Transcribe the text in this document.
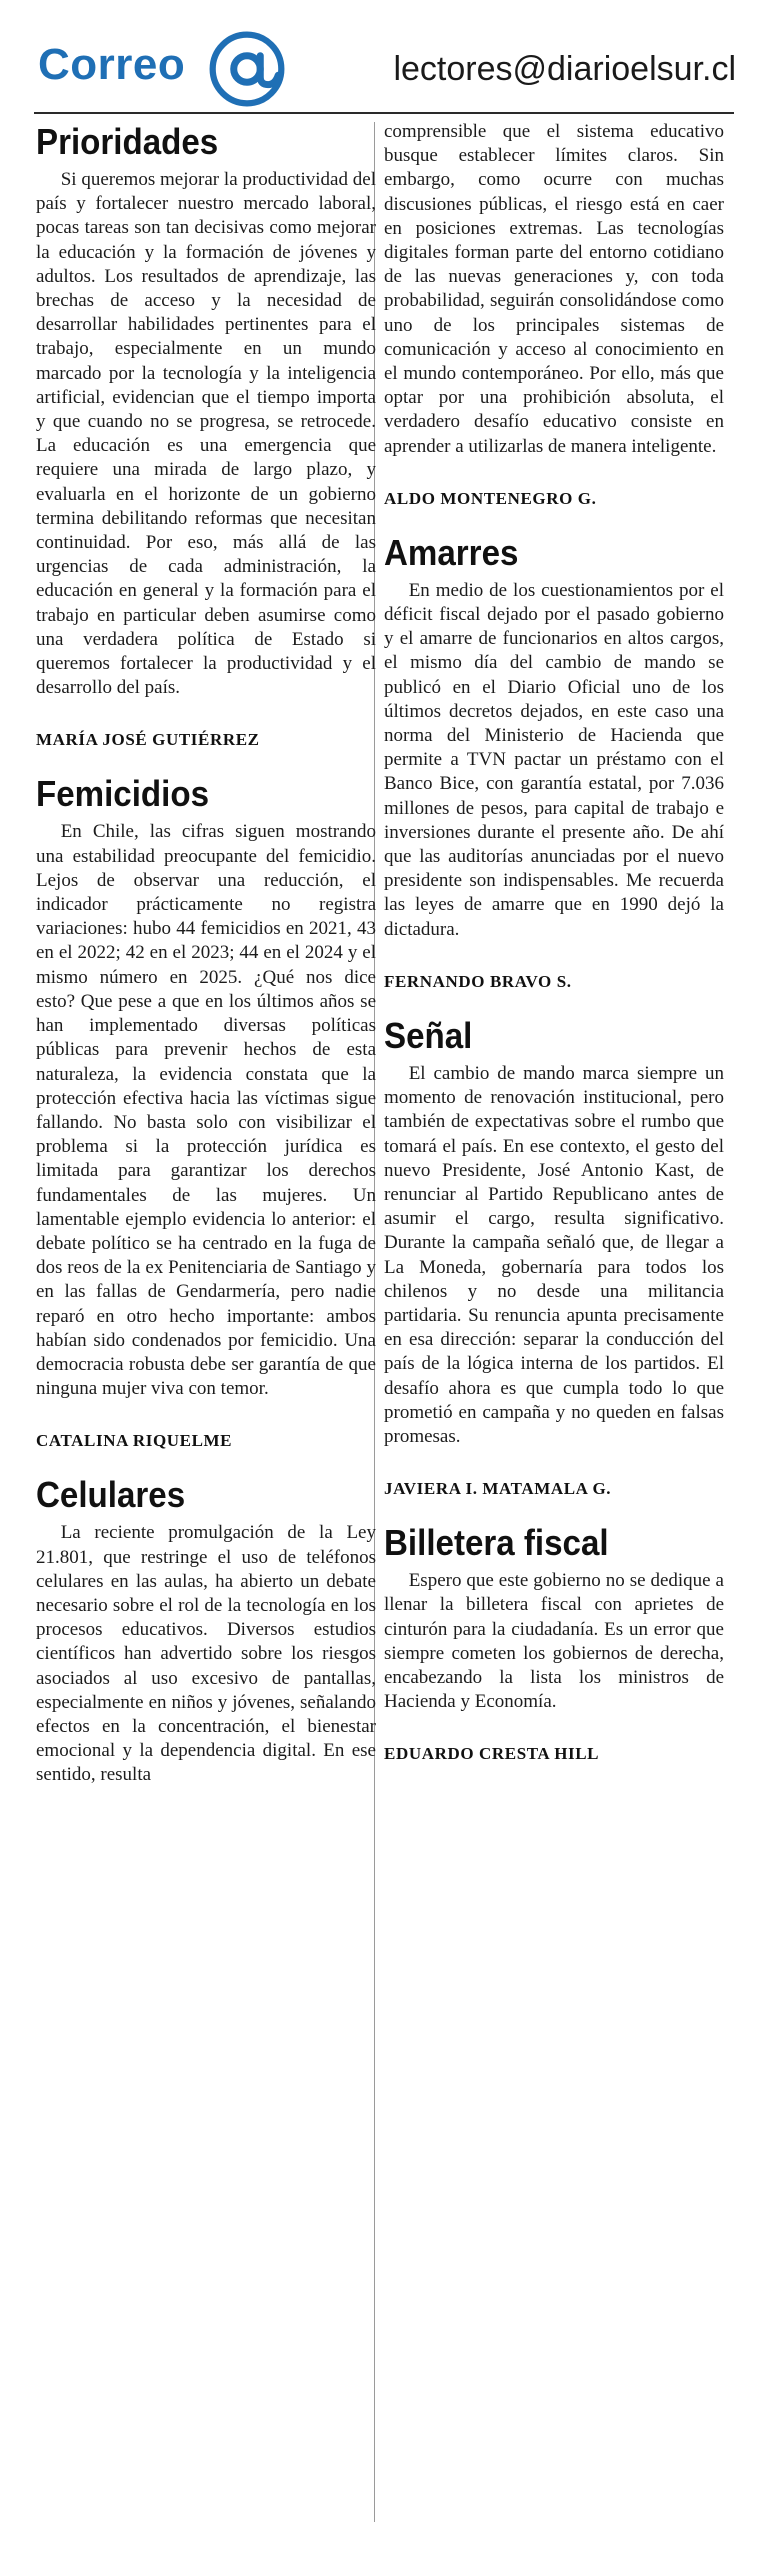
Correo	lectores@diarioelsur.cl
Prioridades

Si queremos mejorar la productividad del país y fortalecer nuestro mercado laboral, pocas tareas son tan decisivas como mejorar la educación y la formación de jóvenes y adultos. Los resultados de aprendizaje, las brechas de acceso y la necesidad de desarrollar habilidades pertinentes para el trabajo, especialmente en un mundo marcado por la tecnología y la inteligencia artificial, evidencian que el tiempo importa y que cuando no se progresa, se retrocede. La educación es una emergencia que requiere una mirada de largo plazo, y evaluarla en el horizonte de un gobierno termina debilitando reformas que necesitan continuidad. Por eso, más allá de las urgencias de cada administración, la educación en general y la formación para el trabajo en particular deben asumirse como una verdadera política de Estado si queremos fortalecer la productividad y el desarrollo del país.

MARÍA JOSÉ GUTIÉRREZ
Femicidios

En Chile, las cifras siguen mostrando una estabilidad preocupante del femicidio. Lejos de observar una reducción, el indicador prácticamente no registra variaciones: hubo 44 femicidios en 2021, 43 en el 2022; 42 en el 2023; 44 en el 2024 y el mismo número en 2025. ¿Qué nos dice esto? Que pese a que en los últimos años se han implementado diversas políticas públicas para prevenir hechos de esta naturaleza, la evidencia constata que la protección efectiva hacia las víctimas sigue fallando. No basta solo con visibilizar el problema si la protección jurídica es limitada para garantizar los derechos fundamentales de las mujeres. Un lamentable ejemplo evidencia lo anterior: el debate político se ha centrado en la fuga de dos reos de la ex Penitenciaria de Santiago y en las fallas de Gendarmería, pero nadie reparó en otro hecho importante: ambos habían sido condenados por femicidio. Una democracia robusta debe ser garantía de que ninguna mujer viva con temor.

CATALINA RIQUELME
Celulares

La reciente promulgación de la Ley 21.801, que restringe el uso de teléfonos celulares en las aulas, ha abierto un debate necesario sobre el rol de la tecnología en los procesos educativos. Diversos estudios científicos han advertido sobre los riesgos asociados al uso excesivo de pantallas, especialmente en niños y jóvenes, señalando efectos en la concentración, el bienestar emocional y la dependencia digital. En ese sentido, resulta

comprensible que el sistema educativo busque establecer límites claros. Sin embargo, como ocurre con muchas discusiones públicas, el riesgo está en caer en posiciones extremas. Las tecnologías digitales forman parte del entorno cotidiano de las nuevas generaciones y, con toda probabilidad, seguirán consolidándose como uno de los principales sistemas de comunicación y acceso al conocimiento en el mundo contemporáneo. Por ello, más que optar por una prohibición absoluta, el verdadero desafío educativo consiste en aprender a utilizarlas de manera inteligente.

ALDO MONTENEGRO G.
Amarres

En medio de los cuestionamientos por el déficit fiscal dejado por el pasado gobierno y el amarre de funcionarios en altos cargos, el mismo día del cambio de mando se publicó en el Diario Oficial uno de los últimos decretos dejados, en este caso una norma del Ministerio de Hacienda que permite a TVN pactar un préstamo con el Banco Bice, con garantía estatal, por 7.036 millones de pesos, para capital de trabajo e inversiones durante el presente año. De ahí que las auditorías anunciadas por el nuevo presidente son indispensables. Me recuerda las leyes de amarre que en 1990 dejó la dictadura.

FERNANDO BRAVO S.
Señal

El cambio de mando marca siempre un momento de renovación institucional, pero también de expectativas sobre el rumbo que tomará el país. En ese contexto, el gesto del nuevo Presidente, José Antonio Kast, de renunciar al Partido Republicano antes de asumir el cargo, resulta significativo. Durante la campaña señaló que, de llegar a La Moneda, gobernaría para todos los chilenos y no desde una militancia partidaria. Su renuncia apunta precisamente en esa dirección: separar la conducción del país de la lógica interna de los partidos. El desafío ahora es que cumpla todo lo que prometió en campaña y no queden en falsas promesas.

JAVIERA I. MATAMALA G.
Billetera fiscal

Espero que este gobierno no se dedique a llenar la billetera fiscal con aprietes de cinturón para la ciudadanía. Es un error que siempre cometen los gobiernos de derecha, encabezando la lista los ministros de Hacienda y Economía.

EDUARDO CRESTA HILL
